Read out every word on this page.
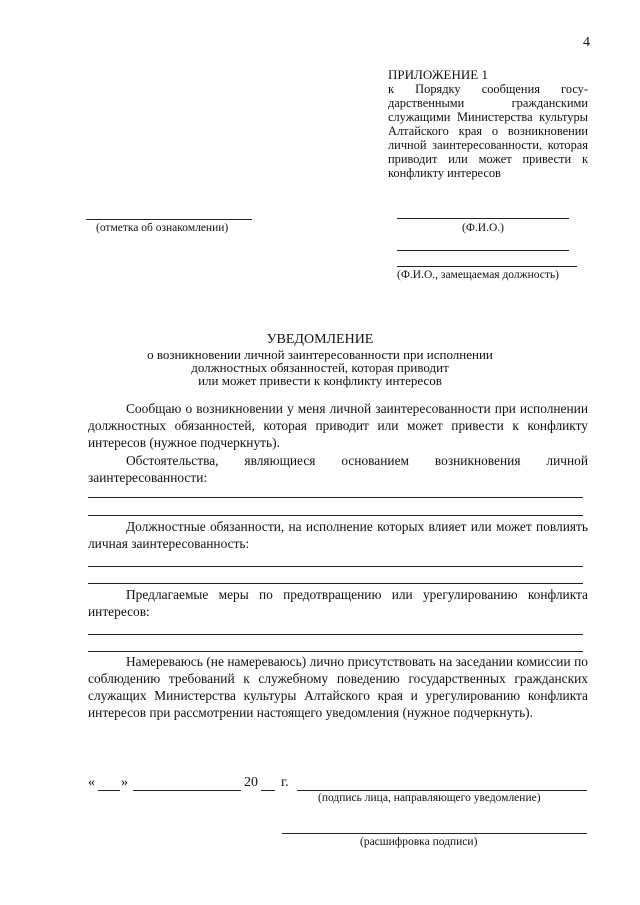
4
ПРИЛОЖЕНИЕ 1
к Порядку сообщения государственными гражданскими служащими Министерства культуры Алтайского края о возникновении личной заинтересованности, которая приводит или может привести к конфликту интересов
(отметка об ознакомлении)	(Ф.И.О.)
(Ф.И.О., замещаемая должность)
УВЕДОМЛЕНИЕ
о возникновении личной заинтересованности при исполнении
должностных обязанностей, которая приводит
или может привести к конфликту интересов
Сообщаю о возникновении у меня личной заинтересованности при исполнении должностных обязанностей, которая приводит или может привести к конфликту интересов (нужное подчеркнуть).
Обстоятельства, являющиеся основанием возникновения личной
заинтересованности:
Должностные обязанности, на исполнение которых влияет или может повлиять личная заинтересованность:
Предлагаемые меры по предотвращению или урегулированию конфликта интересов:
Намереваюсь (не намереваюсь) лично присутствовать на заседании комиссии по соблюдению требований к служебному поведению государственных гражданских служащих Министерства культуры Алтайского края и урегулированию конфликта интересов при рассмотрении настоящего уведомления (нужное подчеркнуть).
« »	20 г.
(подпись лица, направляющего уведомление)
(расшифровка подписи)
